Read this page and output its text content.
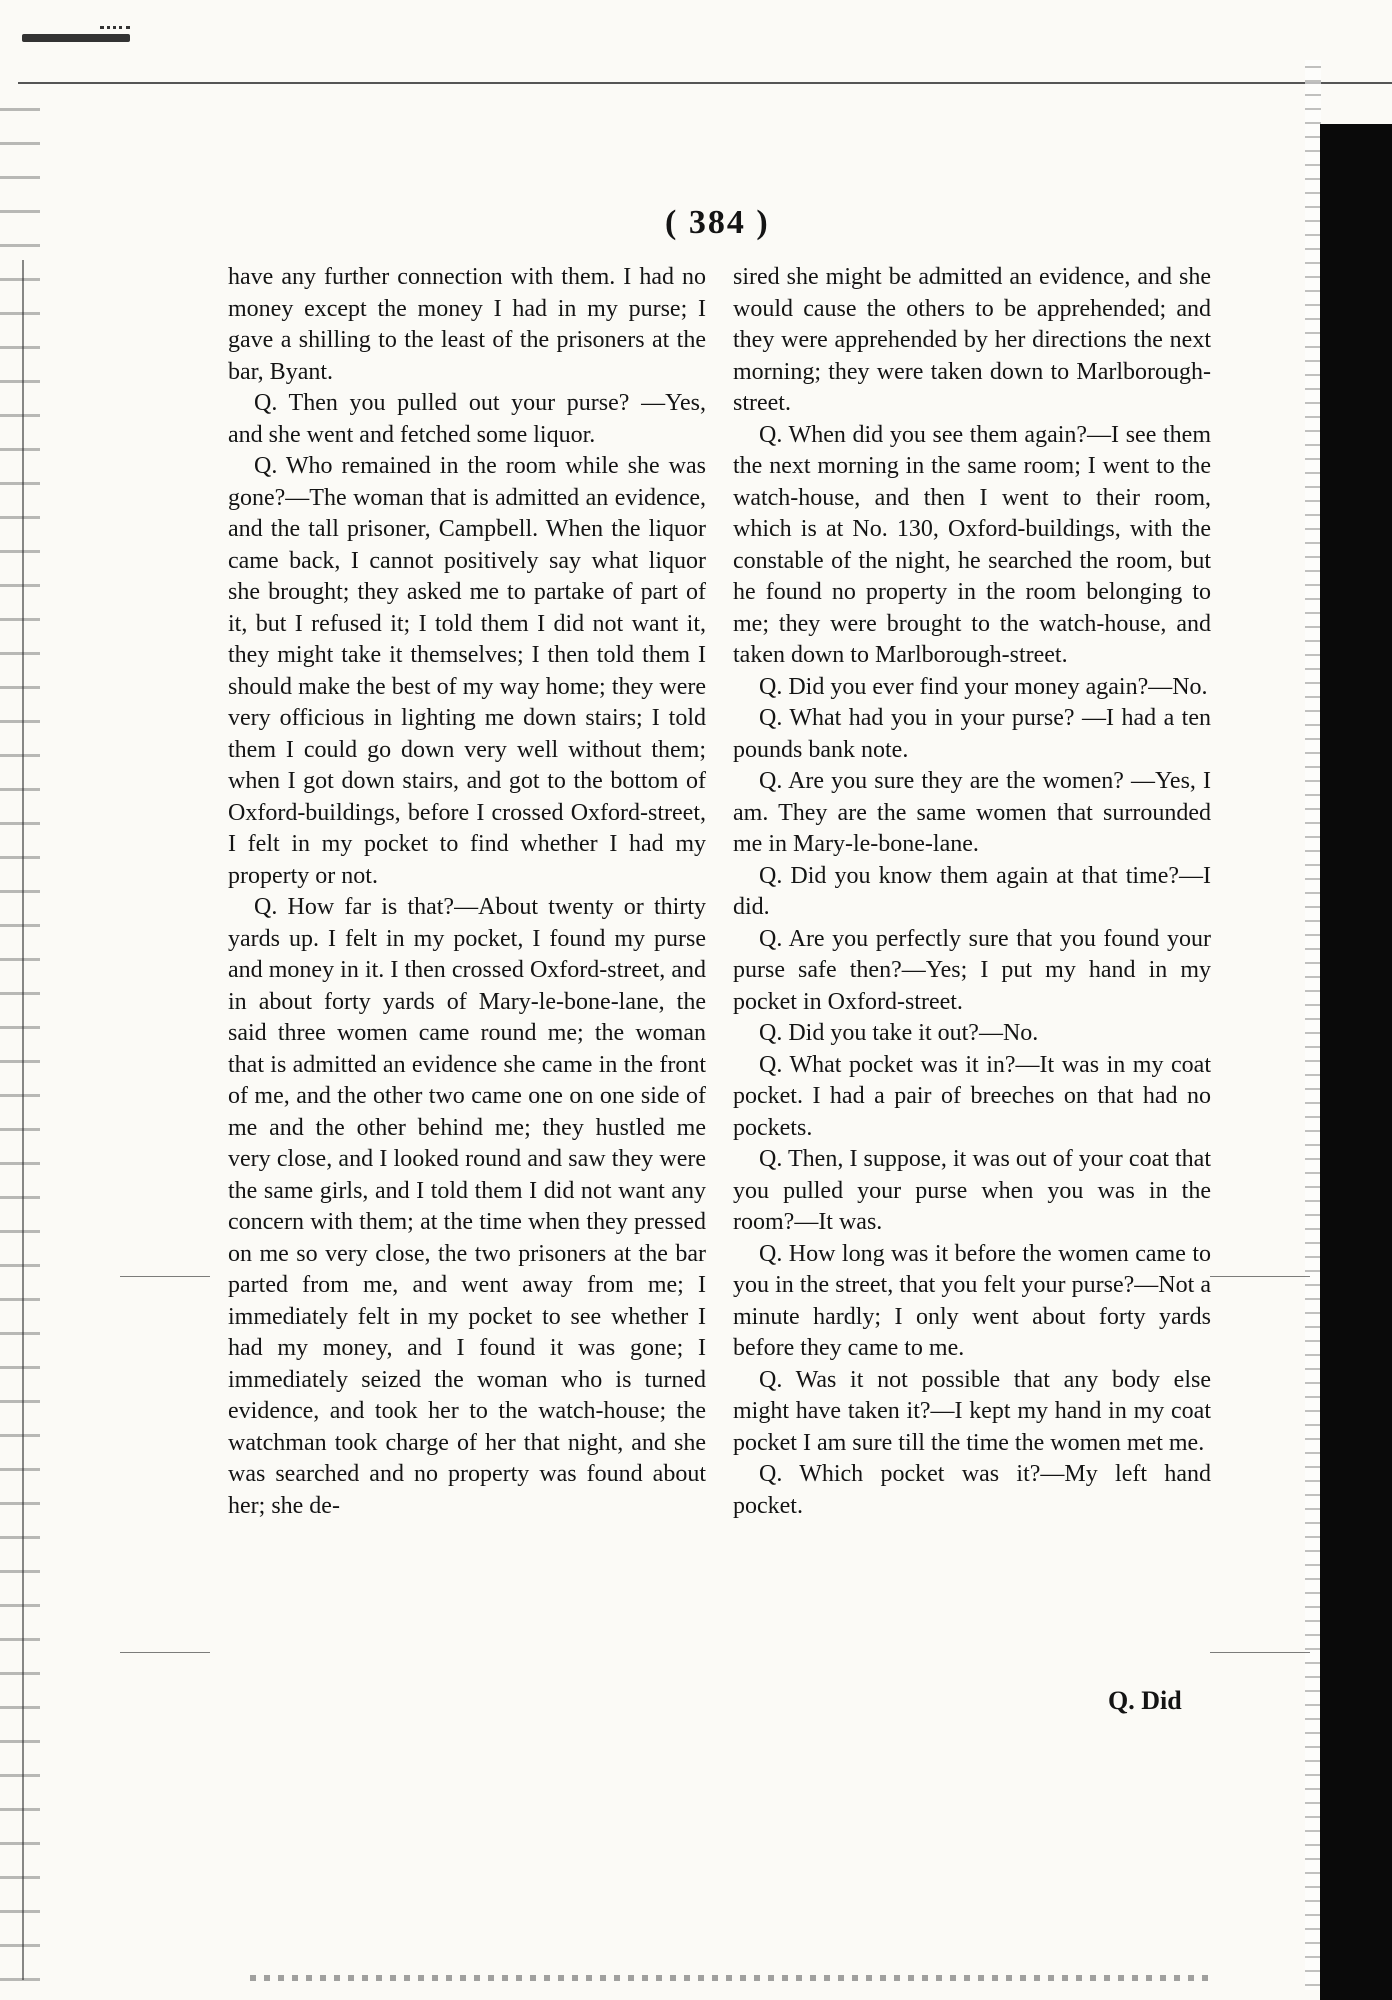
( 384 )

have any further connection with them. I had no money except the money I had in my purse; I gave a shilling to the least of the prisoners at the bar, Byant.

Q. Then you pulled out your purse? —Yes, and she went and fetched some liquor.

Q. Who remained in the room while she was gone?—The woman that is admitted an evidence, and the tall prisoner, Campbell. When the liquor came back, I cannot positively say what liquor she brought; they asked me to partake of part of it, but I refused it; I told them I did not want it, they might take it themselves; I then told them I should make the best of my way home; they were very officious in lighting me down stairs; I told them I could go down very well without them; when I got down stairs, and got to the bottom of Oxford-buildings, before I crossed Oxford-street, I felt in my pocket to find whether I had my property or not.

Q. How far is that?—About twenty or thirty yards up. I felt in my pocket, I found my purse and money in it. I then crossed Oxford-street, and in about forty yards of Mary-le-bone-lane, the said three women came round me; the woman that is admitted an evidence she came in the front of me, and the other two came one on one side of me and the other behind me; they hustled me very close, and I looked round and saw they were the same girls, and I told them I did not want any concern with them; at the time when they pressed on me so very close, the two prisoners at the bar parted from me, and went away from me; I immediately felt in my pocket to see whether I had my money, and I found it was gone; I immediately seized the woman who is turned evidence, and took her to the watch-house; the watchman took charge of her that night, and she was searched and no property was found about her; she de-

sired she might be admitted an evidence, and she would cause the others to be apprehended; and they were apprehended by her directions the next morning; they were taken down to Marlborough-street.

Q. When did you see them again?—I see them the next morning in the same room; I went to the watch-house, and then I went to their room, which is at No. 130, Oxford-buildings, with the constable of the night, he searched the room, but he found no property in the room belonging to me; they were brought to the watch-house, and taken down to Marlborough-street.

Q. Did you ever find your money again?—No.

Q. What had you in your purse? —I had a ten pounds bank note.

Q. Are you sure they are the women? —Yes, I am. They are the same women that surrounded me in Mary-le-bone-lane.

Q. Did you know them again at that time?—I did.

Q. Are you perfectly sure that you found your purse safe then?—Yes; I put my hand in my pocket in Oxford-street.

Q. Did you take it out?—No.

Q. What pocket was it in?—It was in my coat pocket. I had a pair of breeches on that had no pockets.

Q. Then, I suppose, it was out of your coat that you pulled your purse when you was in the room?—It was.

Q. How long was it before the women came to you in the street, that you felt your purse?—Not a minute hardly; I only went about forty yards before they came to me.

Q. Was it not possible that any body else might have taken it?—I kept my hand in my coat pocket I am sure till the time the women met me.

Q. Which pocket was it?—My left hand pocket.

Q. Did
